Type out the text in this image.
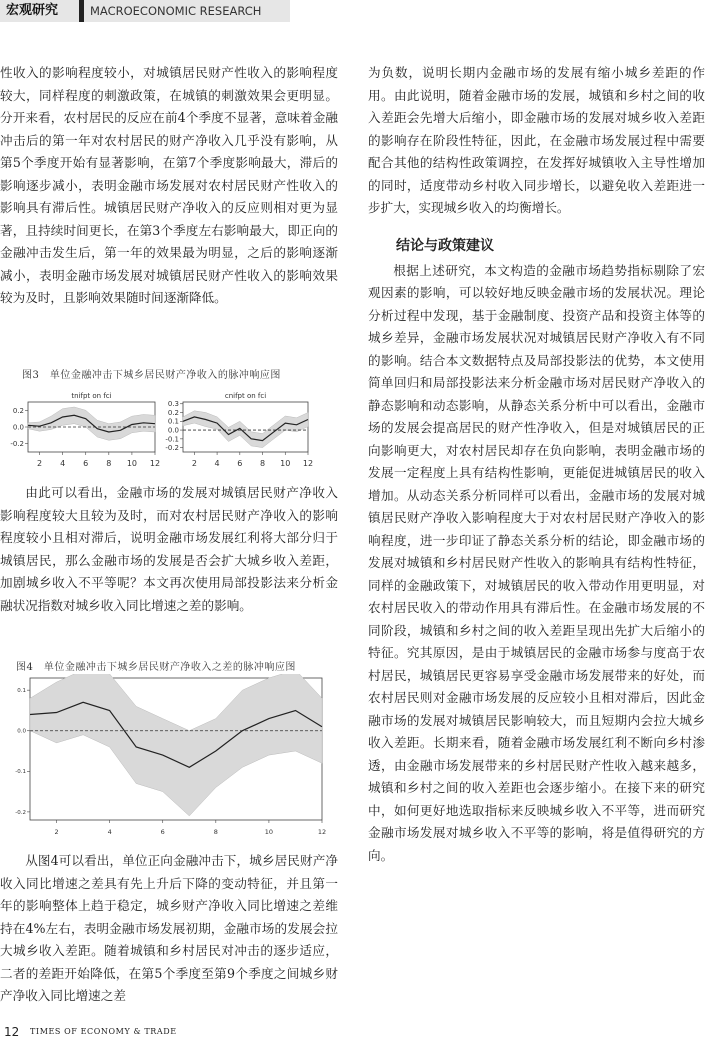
宏观研究	MACROECONOMIC RESEARCH

性收入的影响程度较小，对城镇居民财产性收入的影响程度较大，同样程度的刺激政策，在城镇的刺激效果会更明显。分开来看，农村居民的反应在前4个季度不显著，意味着金融冲击后的第一年对农村居民的财产净收入几乎没有影响，从第5个季度开始有显著影响，在第7个季度影响最大，滞后的影响逐步减小，表明金融市场发展对农村居民财产性收入的影响具有滞后性。城镇居民财产净收入的反应则相对更为显著，且持续时间更长，在第3个季度左右影响最大，即正向的金融冲击发生后，第一年的效果最为明显，之后的影响逐渐减小，表明金融市场发展对城镇居民财产性收入的影响效果较为及时，且影响效果随时间逐渐降低。

图3　单位金融冲击下城乡居民财产净收入的脉冲响应图
0.2
0.0
-0.2
2 4 6 8 10 12
tnifpt on fci
0.3
0.2
0.1
0.0
-0.1
-0.2
2 4 6 8 10 12
cnifpt on fci

由此可以看出，金融市场的发展对城镇居民财产净收入影响程度较大且较为及时，而对农村居民财产净收入的影响程度较小且相对滞后，说明金融市场发展红利将大部分归于城镇居民，那么金融市场的发展是否会扩大城乡收入差距，加剧城乡收入不平等呢？本文再次使用局部投影法来分析金融状况指数对城乡收入同比增速之差的影响。

图4　单位金融冲击下城乡居民财产净收入之差的脉冲响应图
0.1
0.0
-0.1
-0.2
2	4	6	8	10	12

从图4可以看出，单位正向金融冲击下，城乡居民财产净收入同比增速之差具有先上升后下降的变动特征，并且第一年的影响整体上趋于稳定，城乡财产净收入同比增速之差维持在4%左右，表明金融市场发展初期，金融市场的发展会拉大城乡收入差距。随着城镇和乡村居民对冲击的逐步适应，二者的差距开始降低，在第5个季度至第9个季度之间城乡财产净收入同比增速之差

为负数，说明长期内金融市场的发展有缩小城乡差距的作用。由此说明，随着金融市场的发展，城镇和乡村之间的收入差距会先增大后缩小，即金融市场的发展对城乡收入差距的影响存在阶段性特征，因此，在金融市场发展过程中需要配合其他的结构性政策调控，在发挥好城镇收入主导性增加的同时，适度带动乡村收入同步增长，以避免收入差距进一步扩大，实现城乡收入的均衡增长。

结论与政策建议

根据上述研究，本文构造的金融市场趋势指标剔除了宏观因素的影响，可以较好地反映金融市场的发展状况。理论分析过程中发现，基于金融制度、投资产品和投资主体等的城乡差异，金融市场发展状况对城镇居民财产净收入有不同的影响。结合本文数据特点及局部投影法的优势，本文使用简单回归和局部投影法来分析金融市场对居民财产净收入的静态影响和动态影响，从静态关系分析中可以看出，金融市场的发展会提高居民的财产性净收入，但是对城镇居民的正向影响更大，对农村居民却存在负向影响，表明金融市场的发展一定程度上具有结构性影响，更能促进城镇居民的收入增加。从动态关系分析同样可以看出，金融市场的发展对城镇居民财产净收入影响程度大于对农村居民财产净收入的影响程度，进一步印证了静态关系分析的结论，即金融市场的发展对城镇和乡村居民财产性收入的影响具有结构性特征，同样的金融政策下，对城镇居民的收入带动作用更明显，对农村居民收入的带动作用具有滞后性。在金融市场发展的不同阶段，城镇和乡村之间的收入差距呈现出先扩大后缩小的特征。究其原因，是由于城镇居民的金融市场参与度高于农村居民，城镇居民更容易享受金融市场发展带来的好处，而农村居民则对金融市场发展的反应较小且相对滞后，因此金融市场的发展对城镇居民影响较大，而且短期内会拉大城乡收入差距。长期来看，随着金融市场发展红利不断向乡村渗透，由金融市场发展带来的乡村居民财产性收入越来越多，城镇和乡村之间的收入差距也会逐步缩小。在接下来的研究中，如何更好地选取指标来反映城乡收入不平等，进而研究金融市场发展对城乡收入不平等的影响，将是值得研究的方向。

12 TIMES OF ECONOMY & TRADE
